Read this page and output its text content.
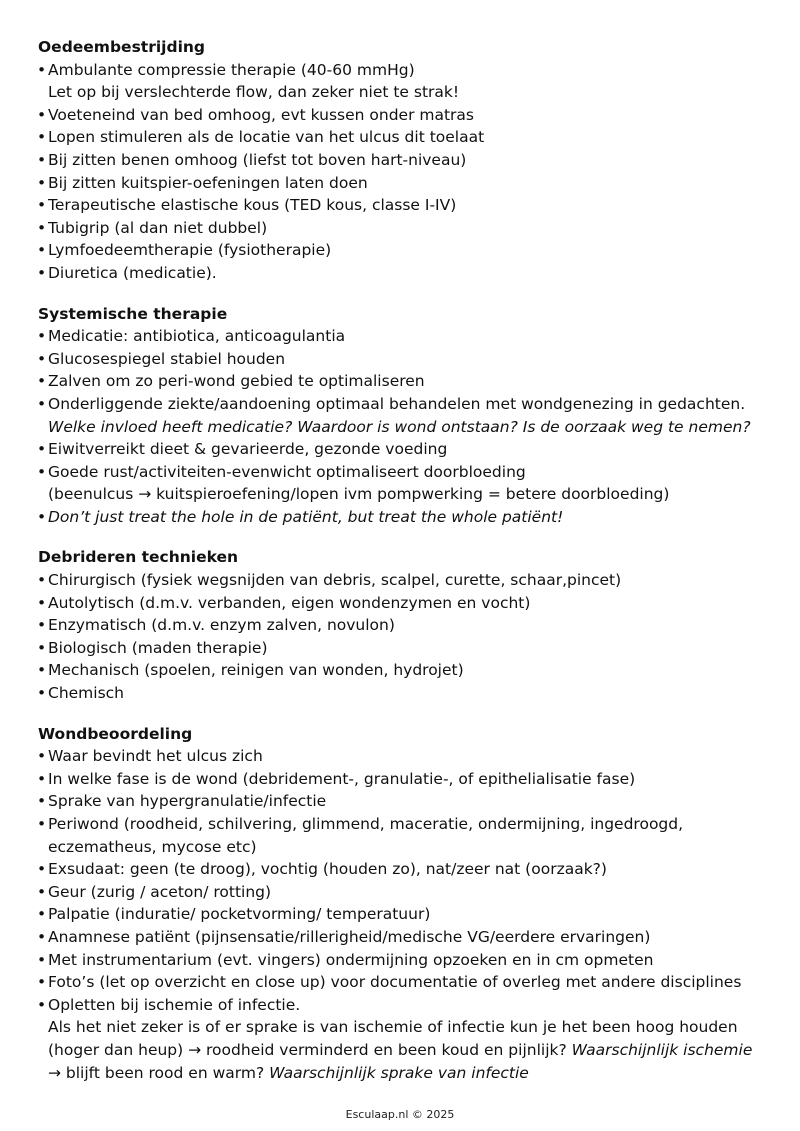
Oedeembestrijding
• Ambulante compressie therapie (40-60 mmHg)
Let op bij verslechterde flow, dan zeker niet te strak!
• Voeteneind van bed omhoog, evt kussen onder matras
• Lopen stimuleren als de locatie van het ulcus dit toelaat
• Bij zitten benen omhoog (liefst tot boven hart-niveau)
• Bij zitten kuitspier-oefeningen laten doen
• Terapeutische elastische kous (TED kous, classe I-IV)
• Tubigrip (al dan niet dubbel)
• Lymfoedeemtherapie (fysiotherapie)
• Diuretica (medicatie).
Systemische therapie
• Medicatie: antibiotica, anticoagulantia
• Glucosespiegel stabiel houden
• Zalven om zo peri-wond gebied te optimaliseren
• Onderliggende ziekte/aandoening optimaal behandelen met wondgenezing in gedachten.
Welke invloed heeft medicatie? Waardoor is wond ontstaan? Is de oorzaak weg te nemen?
• Eiwitverreikt dieet & gevarieerde, gezonde voeding
• Goede rust/activiteiten-evenwicht optimaliseert doorbloeding
(beenulcus → kuitspieroefening/lopen ivm pompwerking = betere doorbloeding)
• Don’t just treat the hole in de patiënt, but treat the whole patiënt!
Debrideren technieken
• Chirurgisch (fysiek wegsnijden van debris, scalpel, curette, schaar,pincet)
• Autolytisch (d.m.v. verbanden, eigen wondenzymen en vocht)
• Enzymatisch (d.m.v. enzym zalven, novulon)
• Biologisch (maden therapie)
• Mechanisch (spoelen, reinigen van wonden, hydrojet)
• Chemisch
Wondbeoordeling
• Waar bevindt het ulcus zich
• In welke fase is de wond (debridement-, granulatie-, of epithelialisatie fase)
• Sprake van hypergranulatie/infectie
• Periwond (roodheid, schilvering, glimmend, maceratie, ondermijning, ingedroogd,
eczematheus, mycose etc)
• Exsudaat: geen (te droog), vochtig (houden zo), nat/zeer nat (oorzaak?)
• Geur (zurig / aceton/ rotting)
• Palpatie (induratie/ pocketvorming/ temperatuur)
• Anamnese patiënt (pijnsensatie/rillerigheid/medische VG/eerdere ervaringen)
• Met instrumentarium (evt. vingers) ondermijning opzoeken en in cm opmeten
• Foto’s (let op overzicht en close up) voor documentatie of overleg met andere disciplines
• Opletten bij ischemie of infectie.
Als het niet zeker is of er sprake is van ischemie of infectie kun je het been hoog houden
(hoger dan heup) → roodheid verminderd en been koud en pijnlijk? Waarschijnlijk ischemie
→ blijft been rood en warm? Waarschijnlijk sprake van infectie
Esculaap.nl © 2025
